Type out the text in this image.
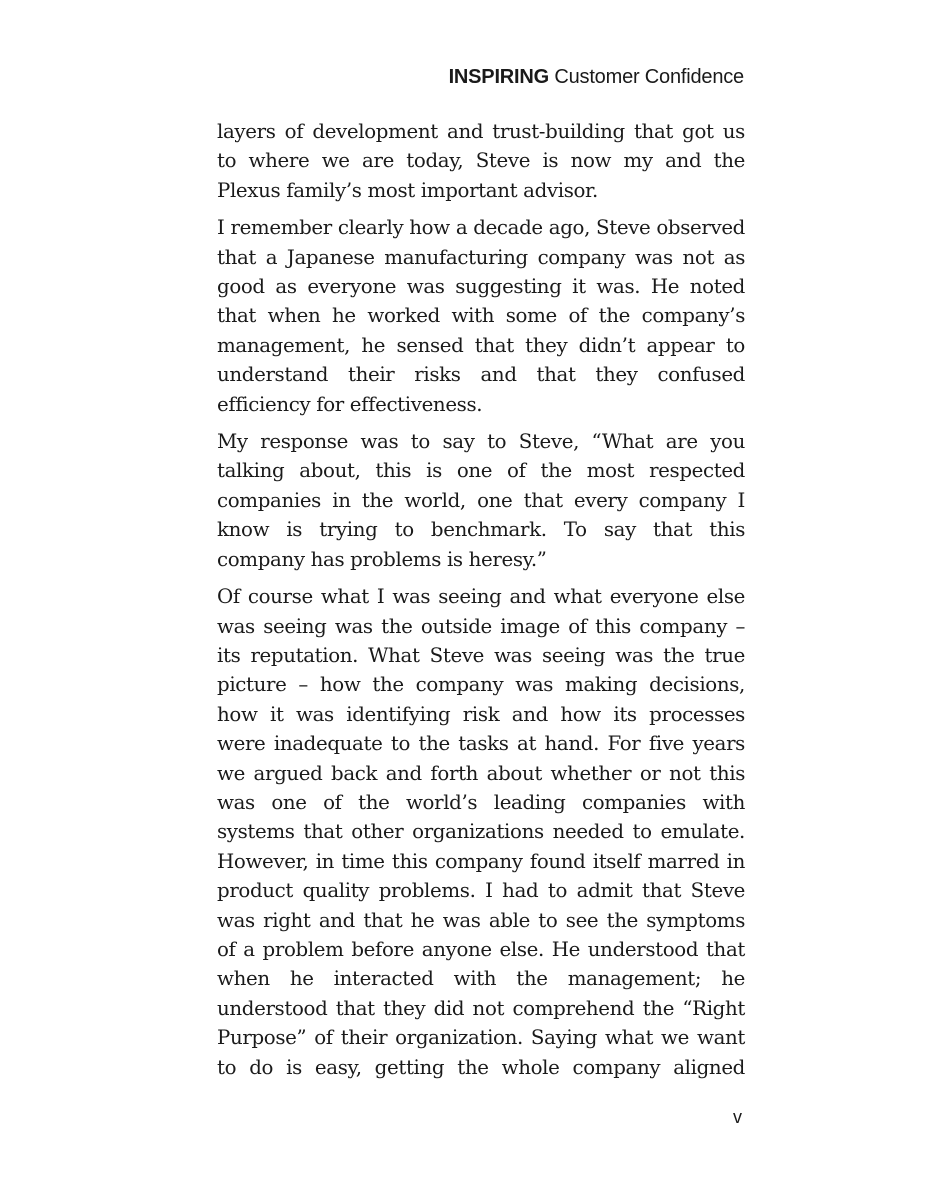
INSPIRING Customer Confidence

layers of development and trust-building that got us to where we are today, Steve is now my and the Plexus family’s most important advisor.

I remember clearly how a decade ago, Steve observed that a Japanese manufacturing company was not as good as everyone was suggesting it was. He noted that when he worked with some of the company’s management, he sensed that they didn’t appear to understand their risks and that they confused efficiency for effectiveness.

My response was to say to Steve, “What are you talking about, this is one of the most respected companies in the world, one that every company I know is trying to benchmark. To say that this company has problems is heresy.”

Of course what I was seeing and what everyone else was seeing was the outside image of this company – its reputation. What Steve was seeing was the true picture – how the company was making decisions, how it was identifying risk and how its processes were inadequate to the tasks at hand. For five years we argued back and forth about whether or not this was one of the world’s leading companies with systems that other organizations needed to emulate. However, in time this company found itself marred in product quality problems. I had to admit that Steve was right and that he was able to see the symptoms of a problem before anyone else. He understood that when he interacted with the management; he understood that they did not comprehend the “Right Purpose” of their organization. Saying what we want to do is easy, getting the whole company aligned

v
